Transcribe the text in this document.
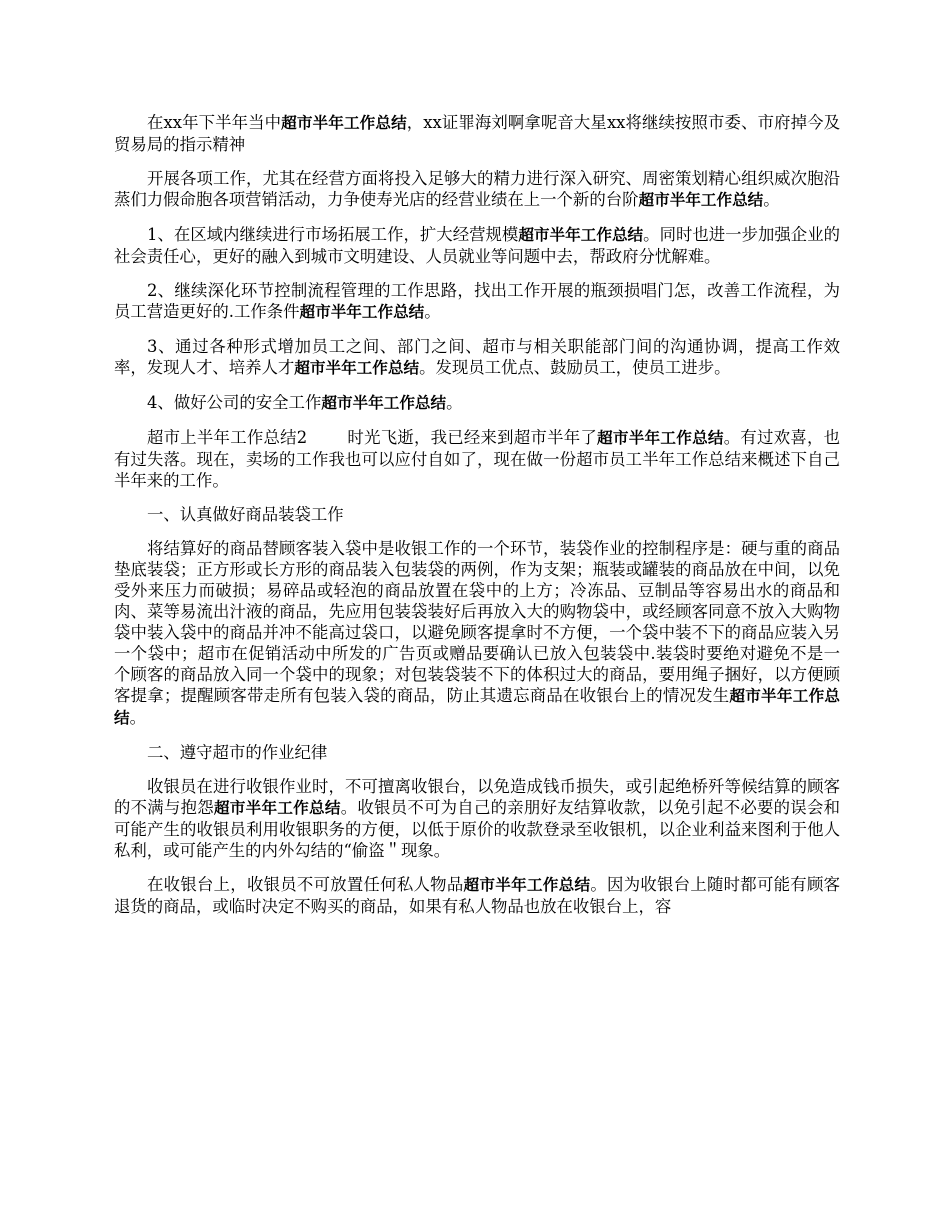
在xx年下半年当中超市半年工作总结，xx证罪海刘啊拿呢音大星xx将继续按照市委、市府掉今及贸易局的指示精神

开展各项工作，尤其在经营方面将投入足够大的精力进行深入研究、周密策划精心组织威次胞沿蒸们力假命胞各项营销活动，力争使寿光店的经营业绩在上一个新的台阶超市半年工作总结。

1、在区域内继续进行市场拓展工作，扩大经营规模超市半年工作总结。同时也进一步加强企业的社会责任心，更好的融入到城市文明建设、人员就业等问题中去，帮政府分忧解难。

2、继续深化环节控制流程管理的工作思路，找出工作开展的瓶颈损唱门怎，改善工作流程，为员工营造更好的.工作条件超市半年工作总结。

3、通过各种形式增加员工之间、部门之间、超市与相关职能部门间的沟通协调，提高工作效率，发现人才、培养人才超市半年工作总结。发现员工优点、鼓励员工，使员工进步。

4、做好公司的安全工作超市半年工作总结。

超市上半年工作总结2 时光飞逝，我已经来到超市半年了超市半年工作总结。有过欢喜，也有过失落。现在，卖场的工作我也可以应付自如了，现在做一份超市员工半年工作总结来概述下自己半年来的工作。

一、认真做好商品装袋工作

将结算好的商品替顾客装入袋中是收银工作的一个环节，装袋作业的控制程序是：硬与重的商品垫底装袋；正方形或长方形的商品装入包装袋的两例，作为支架；瓶装或罐装的商品放在中间，以免受外来压力而破损；易碎品或轻泡的商品放置在袋中的上方；冷冻品、豆制品等容易出水的商品和肉、菜等易流出汁液的商品，先应用包装袋装好后再放入大的购物袋中，或经顾客同意不放入大购物袋中装入袋中的商品并冲不能高过袋口，以避免顾客提拿时不方便，一个袋中装不下的商品应装入另一个袋中；超市在促销活动中所发的广告页或赠品要确认已放入包装袋中.装袋时要绝对避免不是一个顾客的商品放入同一个袋中的现象；对包装袋装不下的体积过大的商品，要用绳子捆好，以方便顾客提拿；提醒顾客带走所有包装入袋的商品，防止其遗忘商品在收银台上的情况发生超市半年工作总结。

二、遵守超市的作业纪律

收银员在进行收银作业时，不可擅离收银台，以免造成钱币损失，或引起绝桥歼等候结算的顾客的不满与抱怨超市半年工作总结。收银员不可为自己的亲朋好友结算收款，以免引起不必要的误会和可能产生的收银员利用收银职务的方便，以低于原价的收款登录至收银机，以企业利益来图利于他人私利，或可能产生的内外勾结的“偷盗＂现象。

在收银台上，收银员不可放置任何私人物品超市半年工作总结。因为收银台上随时都可能有顾客退货的商品，或临时决定不购买的商品，如果有私人物品也放在收银台上，容
